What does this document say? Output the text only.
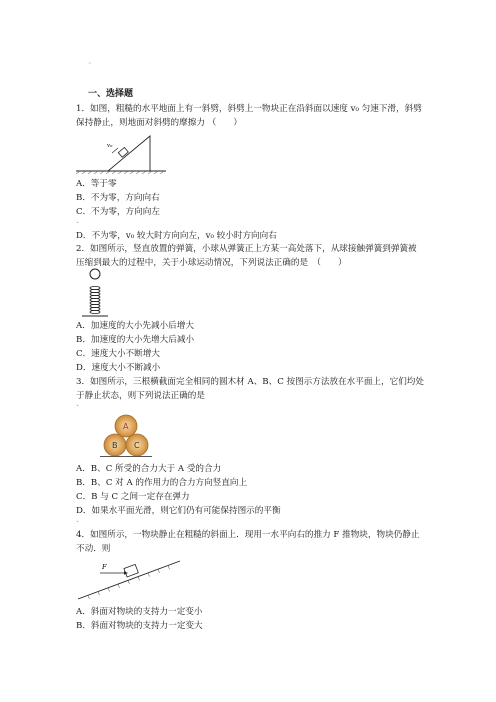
◦
一、选择题
1．如图，粗糙的水平地面上有一斜劈，斜劈上一物块正在沿斜面以速度 v₀ 匀速下滑，斜劈
保持静止，则地面对斜劈的摩擦力 （　　）
v₀
A．等于零
B．不为零，方向向右
C．不为零，方向向左
ˇ
D．不为零，v₀ 较大时方向向左，v₀ 较小时方向向右
2．如图所示，竖直放置的弹簧，小球从弹簧正上方某一高处落下，从球接触弹簧到弹簧被
压缩到最大的过程中，关于小球运动情况，下列说法正确的是　（　　）
A．加速度的大小先减小后增大
B．加速度的大小先增大后减小
C．速度大小不断增大
D．速度大小不断减小
3．如图所示，三根横截面完全相同的圆木材 A、B、C 按图示方法放在水平面上，它们均处
于静止状态，则下列说法正确的是
ˇ
A
B C
A．B、C 所受的合力大于 A 受的合力
B．B、C 对 A 的作用力的合力方向竖直向上
C．B 与 C 之间一定存在弹力
D．如果水平面光滑，则它们仍有可能保持图示的平衡
ˇ
4．如图所示，一物块静止在粗糙的斜面上．现用一水平向右的推力 F 推物块，物块仍静止
不动．则
F
A．斜面对物块的支持力一定变小
B．斜面对物块的支持力一定变大
